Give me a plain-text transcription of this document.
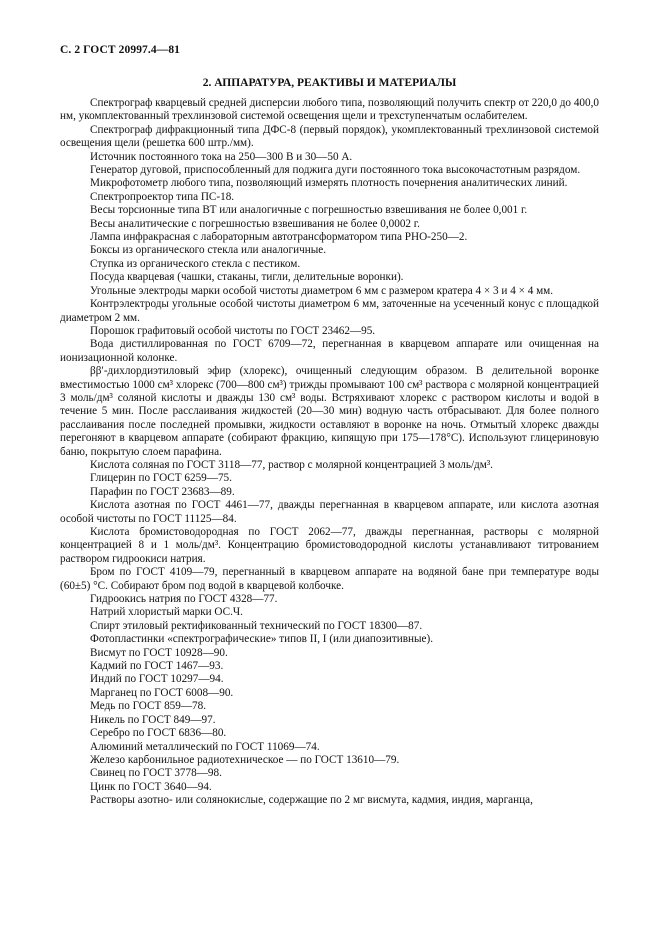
С. 2 ГОСТ 20997.4—81
2. АППАРАТУРА, РЕАКТИВЫ И МАТЕРИАЛЫ

Спектрограф кварцевый средней дисперсии любого типа, позволяющий получить спектр от 220,0 до 400,0 нм, укомплектованный трехлинзовой системой освещения щели и трехступенчатым ослабителем.

Спектрограф дифракционный типа ДФС-8 (первый порядок), укомплектованный трехлинзовой системой освещения щели (решетка 600 штр./мм).

Источник постоянного тока на 250—300 В и 30—50 А.

Генератор дуговой, приспособленный для поджига дуги постоянного тока высокочастотным разрядом.

Микрофотометр любого типа, позволяющий измерять плотность почернения аналитических линий.

Спектропроектор типа ПС-18.

Весы торсионные типа ВТ или аналогичные с погрешностью взвешивания не более 0,001 г.

Весы аналитические с погрешностью взвешивания не более 0,0002 г.

Лампа инфракрасная с лабораторным автотрансформатором типа РНО-250—2.

Боксы из органического стекла или аналогичные.

Ступка из органического стекла с пестиком.

Посуда кварцевая (чашки, стаканы, тигли, делительные воронки).

Угольные электроды марки особой чистоты диаметром 6 мм с размером кратера 4 × 3 и 4 × 4 мм.

Контрэлектроды угольные особой чистоты диаметром 6 мм, заточенные на усеченный конус с площадкой диаметром 2 мм.

Порошок графитовый особой чистоты по ГОСТ 23462—95.

Вода дистиллированная по ГОСТ 6709—72, перегнанная в кварцевом аппарате или очищенная на ионизационной колонке.

ββ′-дихлордиэтиловый эфир (хлорекс), очищенный следующим образом. В делительной воронке вместимостью 1000 см³ хлорекс (700—800 см³) трижды промывают 100 см³ раствора с молярной концентрацией 3 моль/дм³ соляной кислоты и дважды 130 см³ воды. Встряхивают хлорекс с раствором кислоты и водой в течение 5 мин. После расслаивания жидкостей (20—30 мин) водную часть отбрасывают. Для более полного расслаивания после последней промывки, жидкости оставляют в воронке на ночь. Отмытый хлорекс дважды перегоняют в кварцевом аппарате (собирают фракцию, кипящую при 175—178°С). Используют глицериновую баню, покрытую слоем парафина.

Кислота соляная по ГОСТ 3118—77, раствор с молярной концентрацией 3 моль/дм³.

Глицерин по ГОСТ 6259—75.

Парафин по ГОСТ 23683—89.

Кислота азотная по ГОСТ 4461—77, дважды перегнанная в кварцевом аппарате, или кислота азотная особой чистоты по ГОСТ 11125—84.

Кислота бромистоводородная по ГОСТ 2062—77, дважды перегнанная, растворы с молярной концентрацией 8 и 1 моль/дм³. Концентрацию бромистоводородной кислоты устанавливают титрованием раствором гидроокиси натрия.

Бром по ГОСТ 4109—79, перегнанный в кварцевом аппарате на водяной бане при температуре воды (60±5) °С. Собирают бром под водой в кварцевой колбочке.

Гидроокись натрия по ГОСТ 4328—77.

Натрий хлористый марки ОС.Ч.

Спирт этиловый ректификованный технический по ГОСТ 18300—87.

Фотопластинки «спектрографические» типов II, I (или диапозитивные).

Висмут по ГОСТ 10928—90.

Кадмий по ГОСТ 1467—93.

Индий по ГОСТ 10297—94.

Марганец по ГОСТ 6008—90.

Медь по ГОСТ 859—78.

Никель по ГОСТ 849—97.

Серебро по ГОСТ 6836—80.

Алюминий металлический по ГОСТ 11069—74.

Железо карбонильное радиотехническое — по ГОСТ 13610—79.

Свинец по ГОСТ 3778—98.

Цинк по ГОСТ 3640—94.

Растворы азотно- или солянокислые, содержащие по 2 мг висмута, кадмия, индия, марганца,
